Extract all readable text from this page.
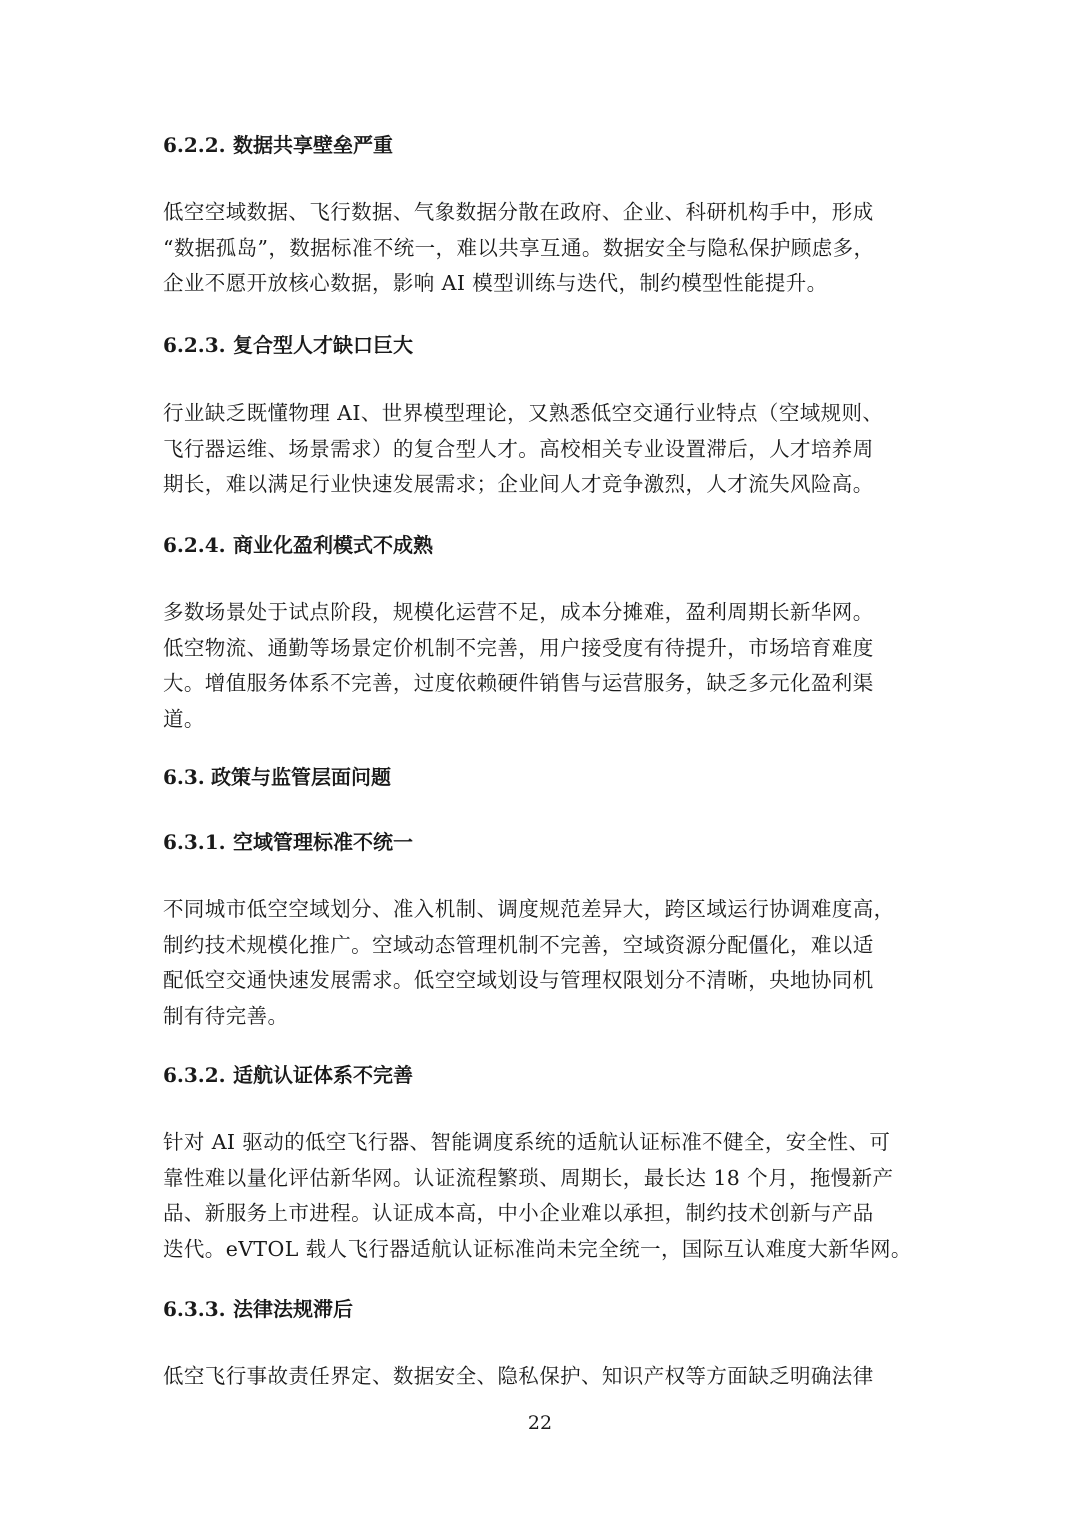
6.2.2. 数据共享壁垒严重
低空空域数据、飞行数据、气象数据分散在政府、企业、科研机构手中，形成
“数据孤岛”，数据标准不统一，难以共享互通。数据安全与隐私保护顾虑多，
企业不愿开放核心数据，影响 AI 模型训练与迭代，制约模型性能提升。
6.2.3. 复合型人才缺口巨大
行业缺乏既懂物理 AI、世界模型理论，又熟悉低空交通行业特点（空域规则、
飞行器运维、场景需求）的复合型人才。高校相关专业设置滞后，人才培养周
期长，难以满足行业快速发展需求；企业间人才竞争激烈，人才流失风险高。
6.2.4. 商业化盈利模式不成熟
多数场景处于试点阶段，规模化运营不足，成本分摊难，盈利周期长新华网。
低空物流、通勤等场景定价机制不完善，用户接受度有待提升，市场培育难度
大。增值服务体系不完善，过度依赖硬件销售与运营服务，缺乏多元化盈利渠
道。
6.3. 政策与监管层面问题
6.3.1. 空域管理标准不统一
不同城市低空空域划分、准入机制、调度规范差异大，跨区域运行协调难度高，
制约技术规模化推广。空域动态管理机制不完善，空域资源分配僵化，难以适
配低空交通快速发展需求。低空空域划设与管理权限划分不清晰，央地协同机
制有待完善。
6.3.2. 适航认证体系不完善
针对 AI 驱动的低空飞行器、智能调度系统的适航认证标准不健全，安全性、可
靠性难以量化评估新华网。认证流程繁琐、周期长，最长达 18 个月，拖慢新产
品、新服务上市进程。认证成本高，中小企业难以承担，制约技术创新与产品
迭代。eVTOL 载人飞行器适航认证标准尚未完全统一，国际互认难度大新华网。
6.3.3. 法律法规滞后
低空飞行事故责任界定、数据安全、隐私保护、知识产权等方面缺乏明确法律
22
